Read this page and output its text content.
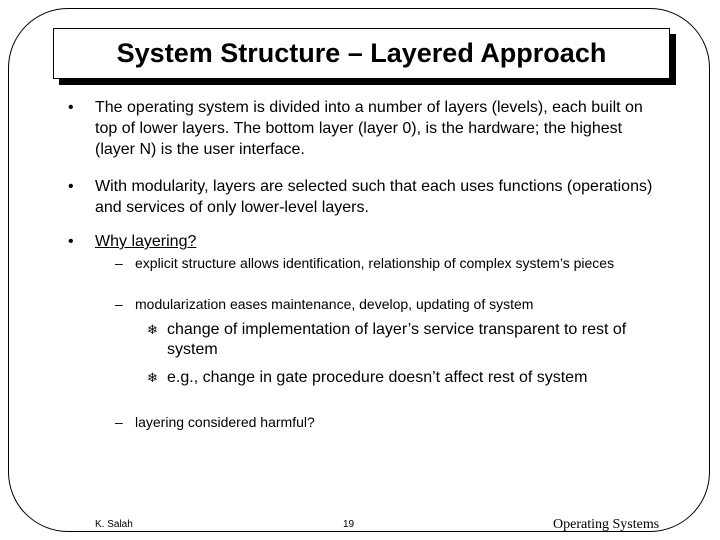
System Structure – Layered Approach
• The operating system is divided into a number of layers (levels), each built on top of lower layers. The bottom layer (layer 0), is the hardware; the highest (layer N) is the user interface.
• With modularity, layers are selected such that each uses functions (operations) and services of only lower-level layers.
• Why layering?
– explicit structure allows identification, relationship of complex system’s pieces
– modularization eases maintenance, develop, updating of system
❄ change of implementation of layer’s service transparent to rest of system
❄ e.g., change in gate procedure doesn’t affect rest of system
– layering considered harmful?
K. Salah	19	Operating Systems
